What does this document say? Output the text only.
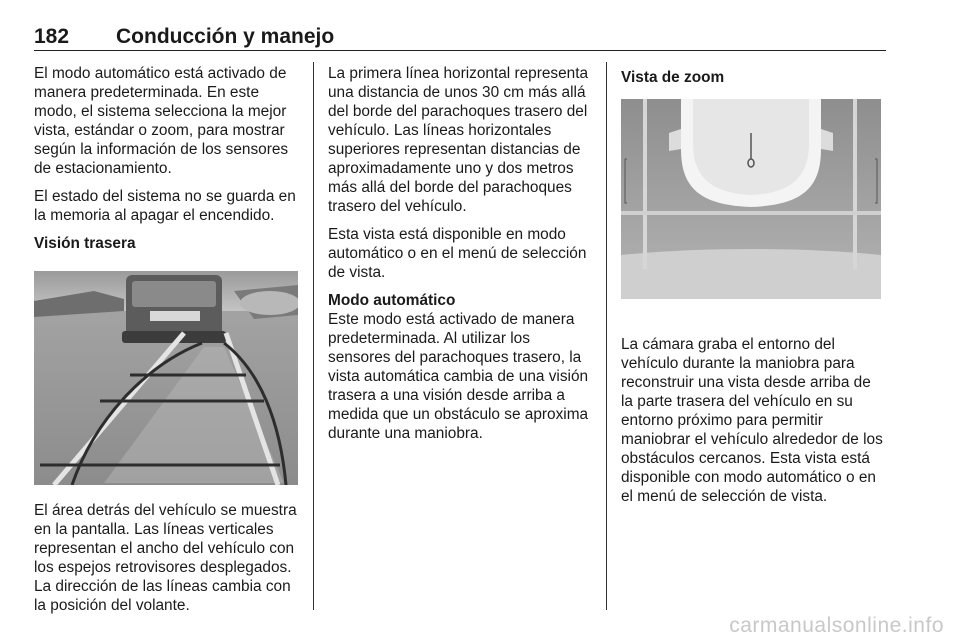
182 Conducción y manejo

El modo automático está activado de manera predeterminada. En este modo, el sistema selecciona la mejor vista, estándar o zoom, para mostrar según la información de los sensores de estacionamiento.

El estado del sistema no se guarda en la memoria al apagar el encendido.

Visión trasera

El área detrás del vehículo se muestra en la pantalla. Las líneas verticales representan el ancho del vehículo con los espejos retrovisores desplegados. La dirección de las líneas cambia con la posición del volante.

La primera línea horizontal representa una distancia de unos 30 cm más allá del borde del parachoques trasero del vehículo. Las líneas horizontales superiores representan distancias de aproximadamente uno y dos metros más allá del borde del parachoques trasero del vehículo.

Esta vista está disponible en modo automático o en el menú de selección de vista.

Modo automático

Este modo está activado de manera predeterminada. Al utilizar los sensores del parachoques trasero, la vista automática cambia de una visión trasera a una visión desde arriba a medida que un obstáculo se aproxima durante una maniobra.

Vista de zoom

La cámara graba el entorno del vehículo durante la maniobra para reconstruir una vista desde arriba de la parte trasera del vehículo en su entorno próximo para permitir maniobrar el vehículo alrededor de los obstáculos cercanos. Esta vista está disponible con modo automático o en el menú de selección de vista.

carmanualsonline.info
